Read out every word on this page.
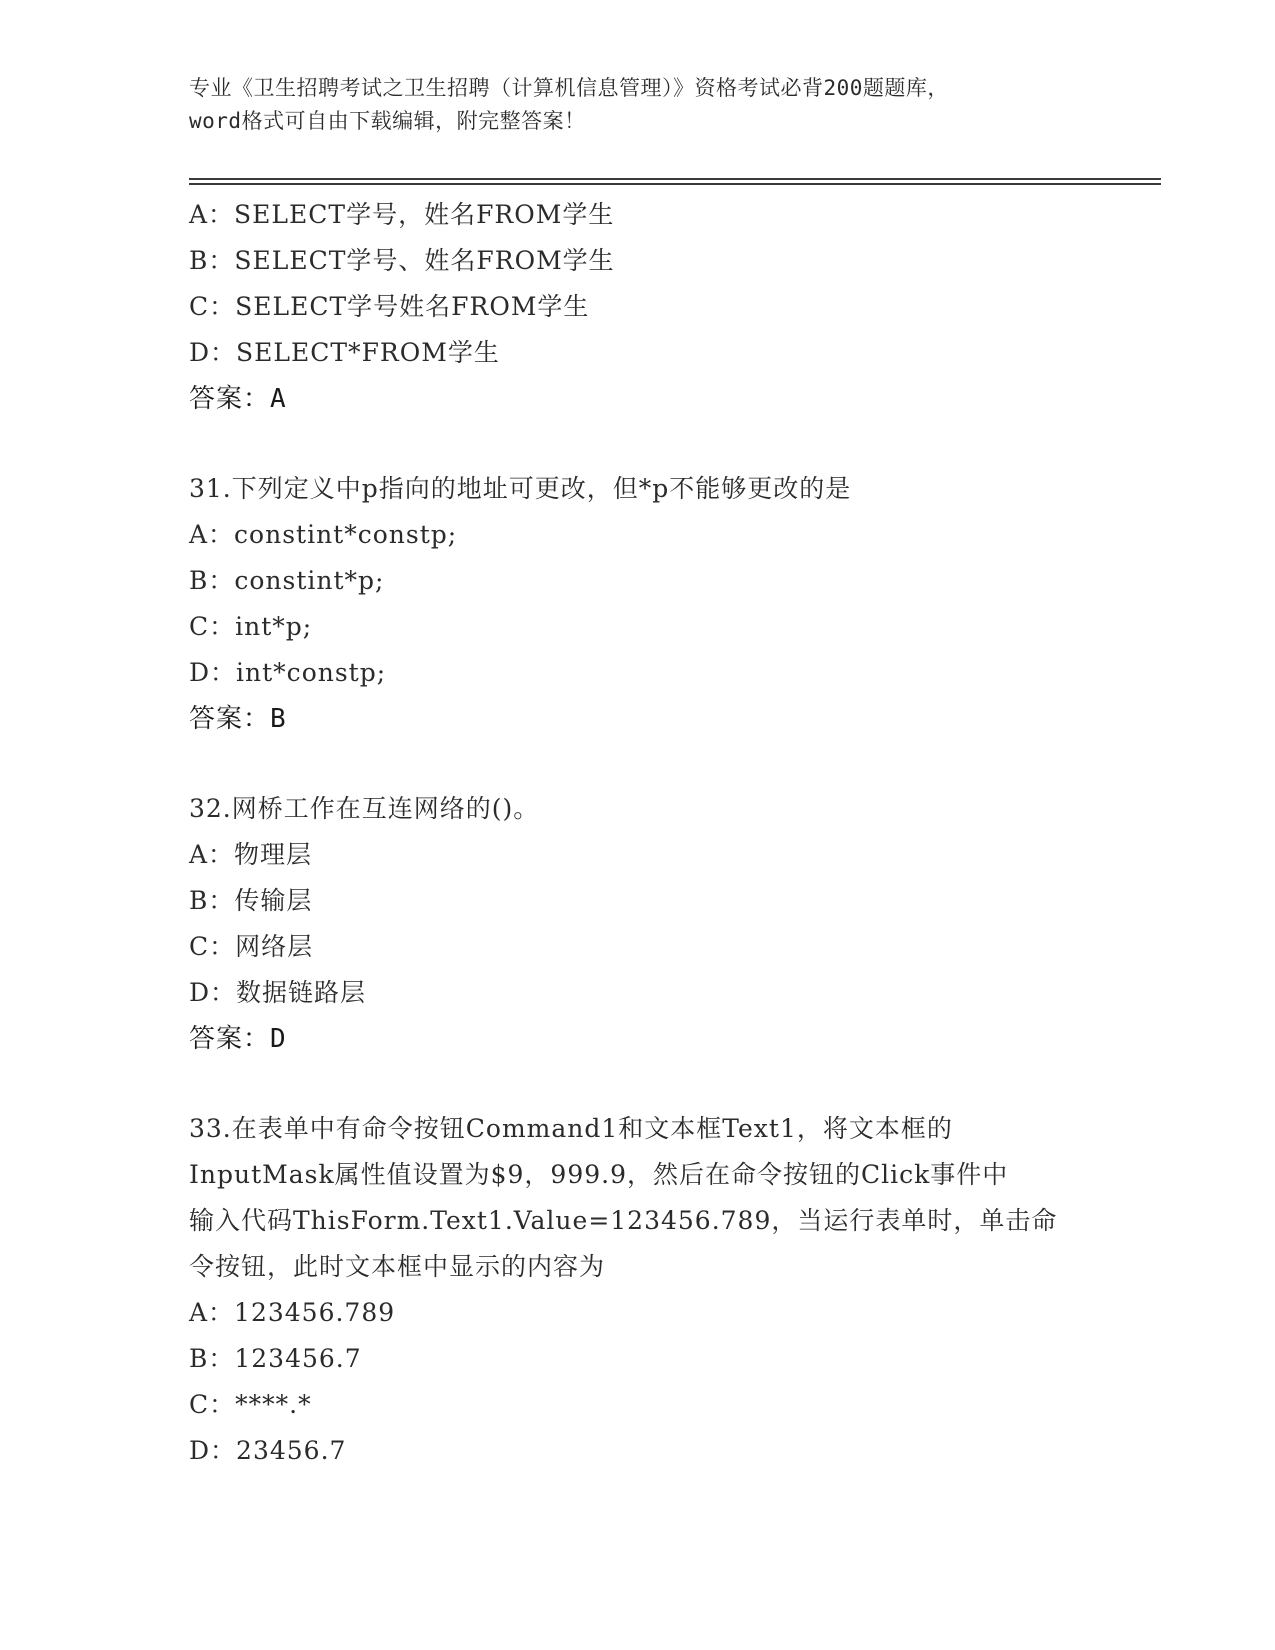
专业《卫生招聘考试之卫生招聘（计算机信息管理）》资格考试必背200题题库，
word格式可自由下载编辑，附完整答案！
A：SELECT学号，姓名FROM学生
B：SELECT学号、姓名FROM学生
C：SELECT学号姓名FROM学生
D：SELECT*FROM学生
答案：A
31.下列定义中p指向的地址可更改，但*p不能够更改的是
A：constint*constp;
B：constint*p;
C：int*p;
D：int*constp;
答案：B
32.网桥工作在互连网络的()。
A：物理层
B：传输层
C：网络层
D：数据链路层
答案：D
33.在表单中有命令按钮Command1和文本框Text1，将文本框的
InputMask属性值设置为$9，999.9，然后在命令按钮的Click事件中
输入代码ThisForm.Text1.Value=123456.789，当运行表单时，单击命
令按钮，此时文本框中显示的内容为
A：123456.789
B：123456.7
C：****.*
D：23456.7
